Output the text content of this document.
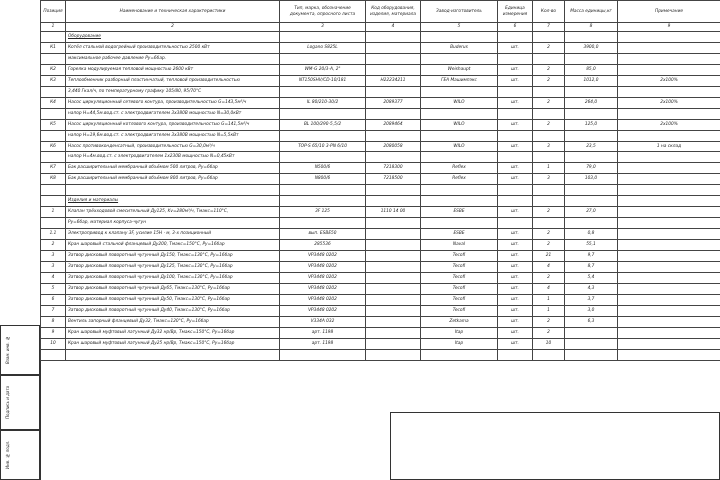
Взам. инв. №
Подпись и дата
Инв. № подл.
Позиция	Наименование и техническая характеристики	Тип, марка, обозначение документа, опросного листа	Код оборудования, изделия, материала	Завод-изготовитель	Единица измерения	Кол-во	Масса единицы,кг	Примечание
1	2	3	4	5	6	7	8	9
	Оборудование							
К1	Котёл стальной водогрейный производительностью 2500 кВт	Logano S825L		Buderus	шт.	2	3900,0	
	максимальное рабочее давление Ру=6бар.							
К2	Горелка модулируемая тепловой мощностью 2600 кВт	WM-G 20/3-A, 2"		Weishaupt	шт.	2	85,0	
К3	Теплообменник разборный пластинчатый, тепловой производительностью	NT150SHV/CD-10/181	H22234211	ГЕА Машимпэкс	шт.	2	1012,0	2x100%
	3,440 Гкал/ч, по температурному графику 105/80, 95/70°C							
К4	Насос циркуляционный сетевого контура, производительностью G=143,5м³/ч	IL 80/210-30/2	2089377	WILO	шт.	2	264,0	2x100%
	напор H=44,5м.вод.ст. с электродвигателем 3х380В мощностью N=30,0кВт							
К5	Насос циркуляционный котлового контура, производительностью G=141,5м³/ч	BL 100/290-5,5/2	2089464	WILO	шт.	2	125,0	2x100%
	напор H=19,6м.вод.ст. с электродвигателем 3х380В мощностью N=5,5кВт							
К6	Насос противоконденсатный, производительностью G=30,0м³/ч	TOP-S 65/10 3-PN 6/10	2080058	WILO	шт.	3	23,5	1 на склад
	напор H=4м.вод.ст. с электродвигателем 1х230В мощностью N=0,45кВт							
К7	Бак расширительный мембранный объёмом 500 литров, Ру=6бар	N500/6	7218300	Reflex	шт.	1	79,0	
К8	Бак расширительный мембранный объёмом 800 литров, Ру=6бар	N800/6	7218500	Reflex	шт.	3	103,0	

	Изделия и материалы							
1	Клапан трёхходовой смесительный Ду125, Kv=280м³/ч, Tмакс=110°C,	3F 125	1110 14 00	ESBE	шт.	2	27,0	
	Ру=6бар, материал корпуса-чугун							
1.1	Электропривод к клапану 3F, усилие 15Н · м, 3-х позиционный	вып. ESBE50		ESBE	шт.	2	0,8	
2	Кран шаровый стальной фланцевый Ду200, Tмакс=150°C, Ру=16бар	285536		Naval	шт.	2	55,1	
3	Затвор дисковый поворотный чугунный Ду150, Tмакс=130°C, Ру=16бар	VP3448 0202		Tecofi	шт.	21	9,7	
3	Затвор дисковый поворотный чугунный Ду125, Tмакс=130°C, Ру=16бар	VP3448 0202		Tecofi	шт.	4	8,7	
4	Затвор дисковый поворотный чугунный Ду100, Tмакс=130°C, Ру=16бар	VP3448 0202		Tecofi	шт.	2	5,4	
5	Затвор дисковый поворотный чугунный Ду65, Tмакс=130°C, Ру=16бар	VP3448 0202		Tecofi	шт.	4	4,3	
6	Затвор дисковый поворотный чугунный Ду50, Tмакс=130°C, Ру=16бар	VP3448 0202		Tecofi	шт.	1	3,7	
7	Затвор дисковый поворотный чугунный Ду40, Tмакс=130°C, Ру=16бар	VP3448 0202		Tecofi	шт.	1	3,0	
8	Вентиль запорный фланцевый Ду32, Tмакс=120°C, Ру=16бар	V334А 032		Zetkama	шт.	2	6,3	
9	Кран шаровый муфтовый латунный Ду32 нр/Вр, Tмакс=150°C, Ру=16бар	арт. 1198		Itap	шт.	2		
10	Кран шаровый муфтовый латунный Ду25 нр/Вр, Tмакс=150°C, Ру=16бар	арт. 1198		Itap	шт.	10		
